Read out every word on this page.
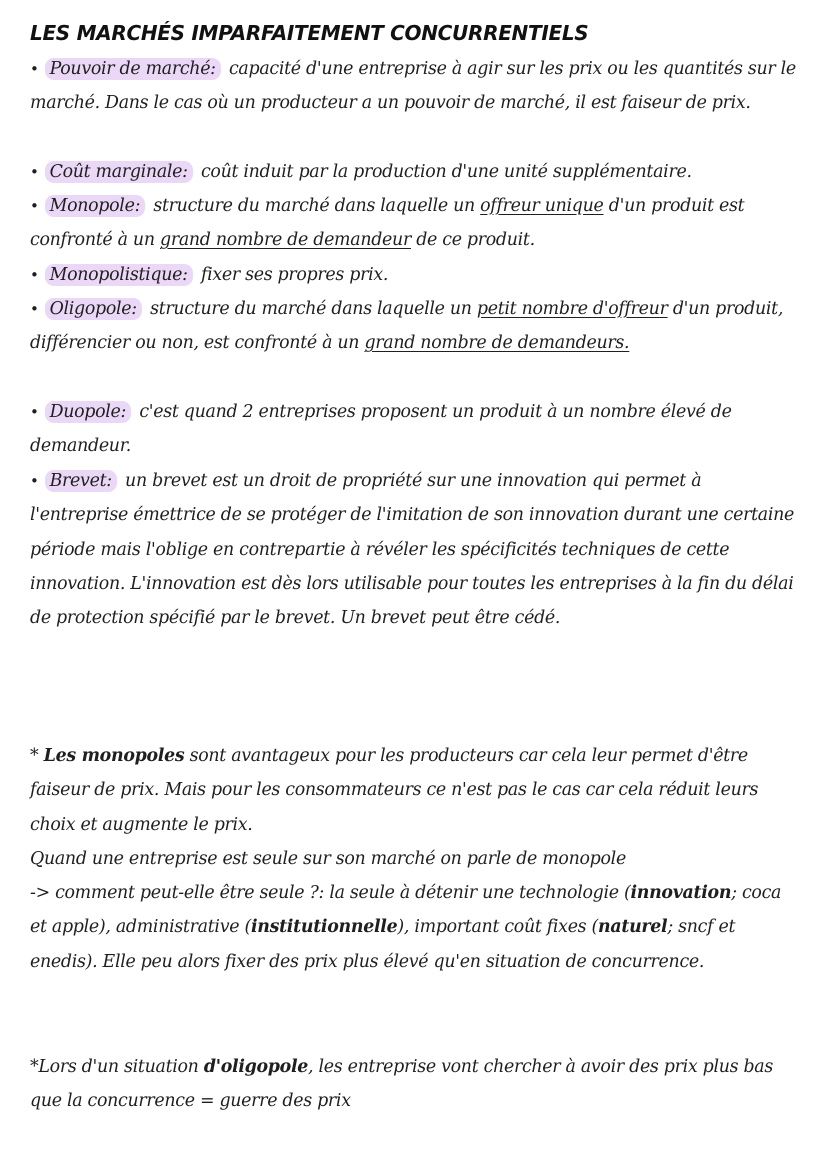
LES MARCHÉS IMPARFAITEMENT CONCURRENTIELS

• Pouvoir de marché: capacité d'une entreprise à agir sur les prix ou les quantités sur le marché. Dans le cas où un producteur a un pouvoir de marché, il est faiseur de prix.

• Coût marginale: coût induit par la production d'une unité supplémentaire.

• Monopole: structure du marché dans laquelle un offreur unique d'un produit est confronté à un grand nombre de demandeur de ce produit.

• Monopolistique: fixer ses propres prix.

• Oligopole: structure du marché dans laquelle un petit nombre d'offreur d'un produit, différencier ou non, est confronté à un grand nombre de demandeurs.

• Duopole: c'est quand 2 entreprises proposent un produit à un nombre élevé de demandeur.

• Brevet: un brevet est un droit de propriété sur une innovation qui permet à l'entreprise émettrice de se protéger de l'imitation de son innovation durant une certaine période mais l'oblige en contrepartie à révéler les spécificités techniques de cette innovation. L'innovation est dès lors utilisable pour toutes les entreprises à la fin du délai de protection spécifié par le brevet. Un brevet peut être cédé.

* Les monopoles sont avantageux pour les producteurs car cela leur permet d'être faiseur de prix. Mais pour les consommateurs ce n'est pas le cas car cela réduit leurs choix et augmente le prix.
Quand une entreprise est seule sur son marché on parle de monopole
-> comment peut-elle être seule ?: la seule à détenir une technologie (innovation; coca et apple), administrative (institutionnelle), important coût fixes (naturel; sncf et enedis). Elle peu alors fixer des prix plus élevé qu'en situation de concurrence.

*Lors d'un situation d'oligopole, les entreprise vont chercher à avoir des prix plus bas que la concurrence = guerre des prix
